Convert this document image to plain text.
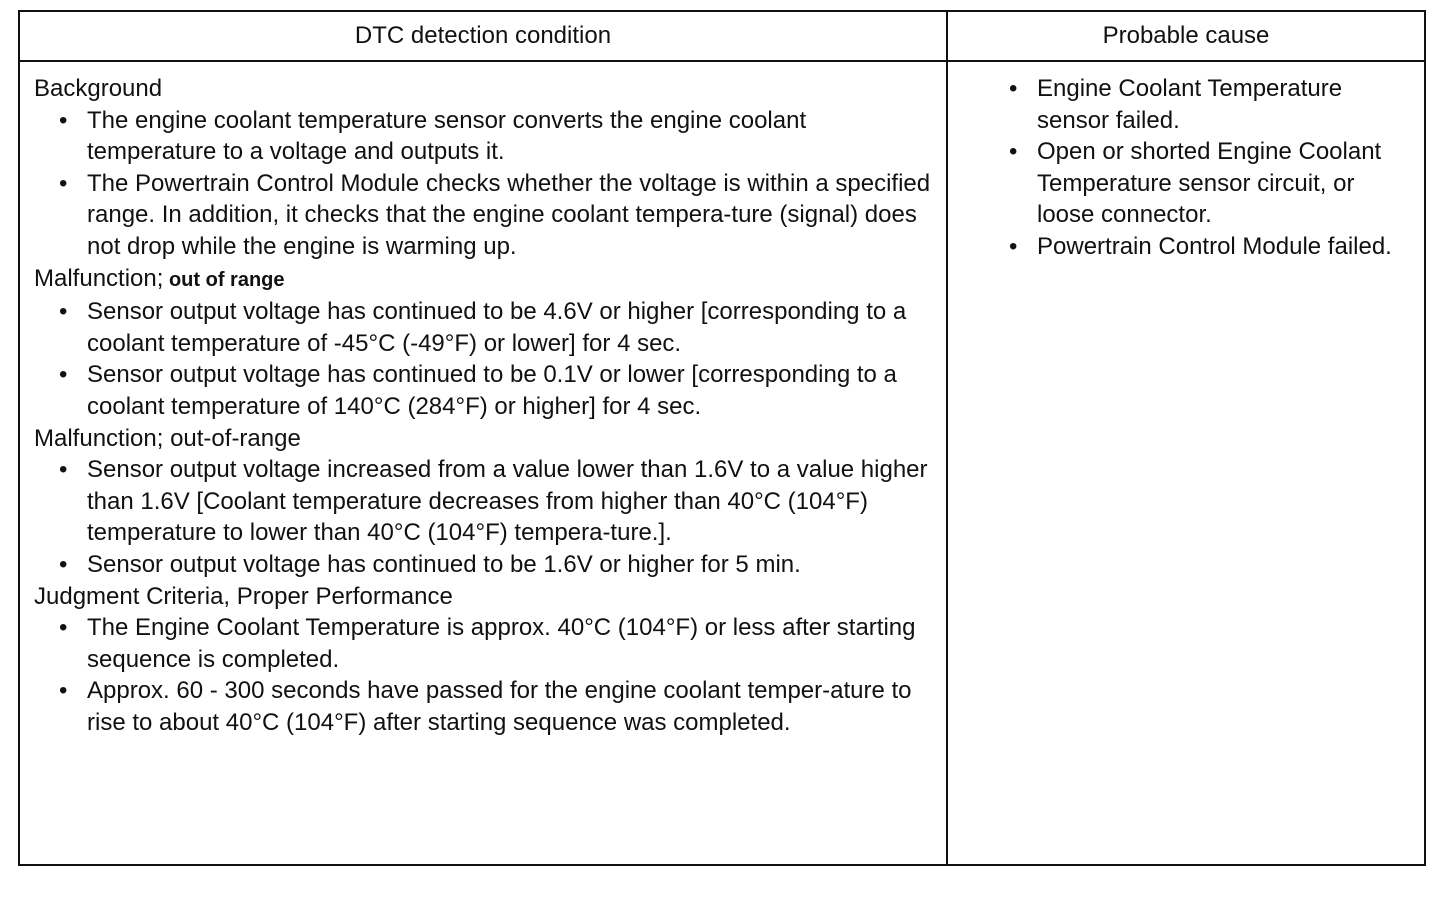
DTC detection condition	Probable cause

Background

• The engine coolant temperature sensor converts the engine coolant temperature to a voltage and outputs it.
• The Powertrain Control Module checks whether the voltage is within a specified range. In addition, it checks that the engine coolant tempera-ture (signal) does not drop while the engine is warming up.

Malfunction; out of range

• Sensor output voltage has continued to be 4.6V or higher [corresponding to a coolant temperature of -45°C (-49°F) or lower] for 4 sec.
• Sensor output voltage has continued to be 0.1V or lower [corresponding to a coolant temperature of 140°C (284°F) or higher] for 4 sec.

Malfunction; out-of-range

• Sensor output voltage increased from a value lower than 1.6V to a value higher than 1.6V [Coolant temperature decreases from higher than 40°C (104°F) temperature to lower than 40°C (104°F) tempera-ture.].
• Sensor output voltage has continued to be 1.6V or higher for 5 min.

Judgment Criteria, Proper Performance

• The Engine Coolant Temperature is approx. 40°C (104°F) or less after starting sequence is completed.
• Approx. 60 - 300 seconds have passed for the engine coolant temper-ature to rise to about 40°C (104°F) after starting sequence was completed.
• Engine Coolant Temperature sensor failed.
• Open or shorted Engine Coolant Temperature sensor circuit, or loose connector.
• Powertrain Control Module failed.
